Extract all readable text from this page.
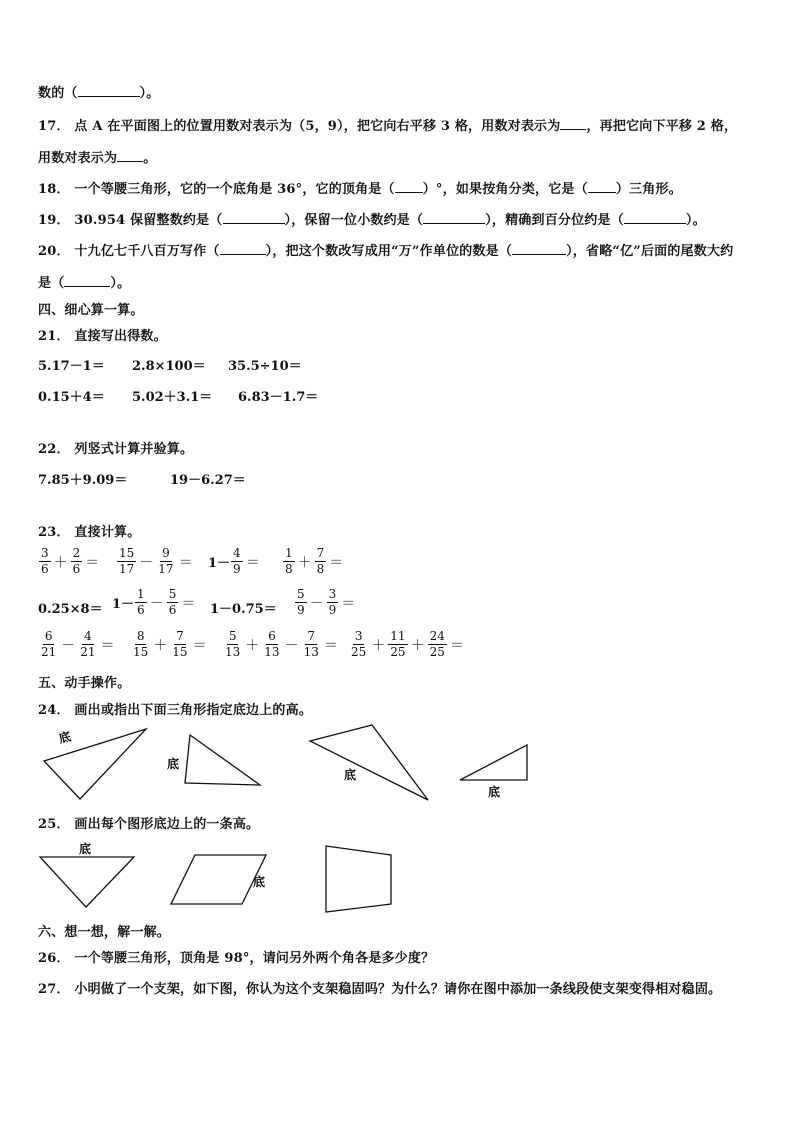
数的（	）。
17． 点 A 在平面图上的位置用数对表示为（5，9），把它向右平移 3 格，用数对表示为 ，再把它向下平移 2 格，
用数对表示为 。
18． 一个等腰三角形，它的一个底角是 36°，它的顶角是（ ）°，如果按角分类，它是（ ）三角形。
19． 30.954 保留整数约是（	），保留一位小数约是（	），精确到百分位约是（	）。
20． 十九亿七千八百万写作（	），把这个数改写成用“万”作单位的数是（	），省略“亿”后面的尾数大约
是（	）。
四、细心算一算。
21． 直接写出得数。
5.17－1＝ 2.8×100＝ 35.5÷10＝
0.15＋4＝ 5.02＋3.1＝ 6.83－1.7＝
22． 列竖式计算并验算。
7.85＋9.09＝	19－6.27＝
23． 直接计算。
$\frac{3}{6} + \frac{2}{6} = \frac{15}{17} - \frac{9}{17} = 1- \frac{4}{9} = \frac{1}{8} + \frac{7}{8}$ ＝
$0.25\times 8= 1- \frac{1}{6} - \frac{5}{6} = 1-0.75= \frac{5}{9} - \frac{3}{9}$ ＝
$\frac{6}{21} - \frac{4}{21} = \frac{8}{15} + \frac{7}{15} = \frac{5}{13} + \frac{6}{13} - \frac{7}{13} = \frac{3}{25} + \frac{11}{25} + \frac{24}{25}$ ＝
五、动手操作。
24． 画出或指出下面三角形指定底边上的高。
底
底
底
底
25． 画出每个图形底边上的一条高。
底
底
六、想一想，解一解。
26． 一个等腰三角形，顶角是 98°，请问另外两个角各是多少度？
27． 小明做了一个支架，如下图，你认为这个支架稳固吗？为什么？请你在图中添加一条线段使支架变得相对稳固。
